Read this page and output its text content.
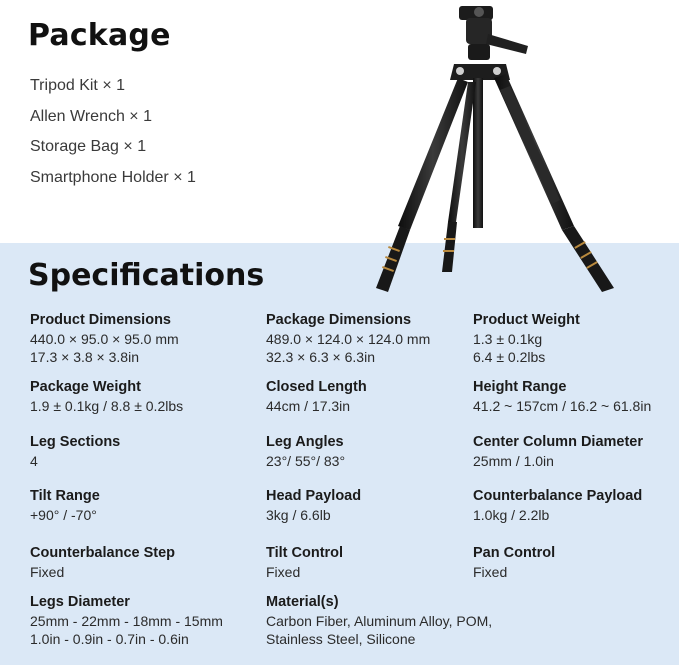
Package
Tripod Kit × 1
Allen Wrench × 1
Storage Bag × 1
Smartphone Holder × 1
Specifications
Product Dimensions
440.0 × 95.0 × 95.0 mm
17.3 × 3.8 × 3.8in
Package Dimensions
489.0 × 124.0 × 124.0 mm
32.3 × 6.3 × 6.3in
Product Weight
1.3 ± 0.1kg
6.4 ± 0.2lbs
Package Weight
1.9 ± 0.1kg / 8.8 ± 0.2lbs
Closed Length
44cm / 17.3in
Height Range
41.2 ~ 157cm / 16.2 ~ 61.8in
Leg Sections
4
Leg Angles
23°/ 55°/ 83°
Center Column Diameter
25mm / 1.0in
Tilt Range
+90° / -70°
Head Payload
3kg / 6.6lb
Counterbalance Payload
1.0kg / 2.2lb
Counterbalance Step
Fixed
Tilt Control
Fixed
Pan Control
Fixed
Legs Diameter
25mm - 22mm - 18mm - 15mm
1.0in - 0.9in - 0.7in - 0.6in
Material(s)
Carbon Fiber, Aluminum Alloy, POM,
Stainless Steel, Silicone
